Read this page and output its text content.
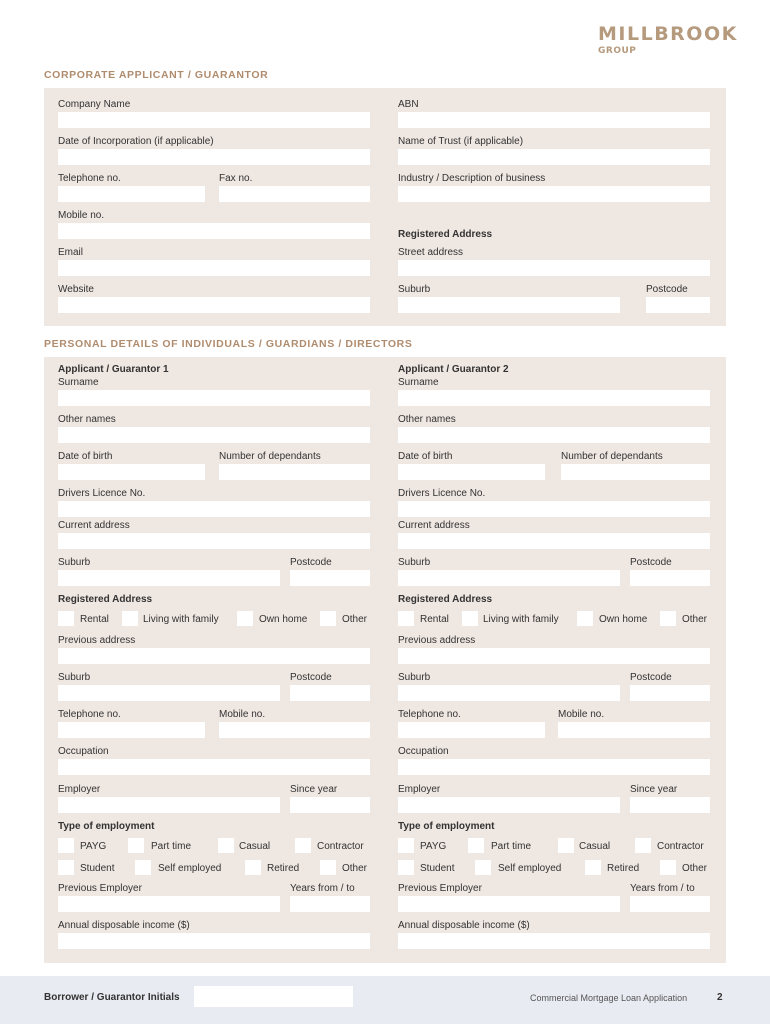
MILLBROOK
GROUP
CORPORATE APPLICANT / GUARANTOR
Company Name
Date of Incorporation (if applicable)
Telephone no.	Fax no.
Mobile no.
Email
Website
ABN
Name of Trust (if applicable)
Industry / Description of business
Registered Address
Street address
Suburb	Postcode
PERSONAL DETAILS OF INDIVIDUALS / GUARDIANS / DIRECTORS
Applicant / Guarantor 1
Surname
Other names
Date of birth	Number of dependants
Drivers Licence No.
Current address
Suburb	Postcode
Registered Address
Rental	Living with family	Own home	Other
Previous address
Suburb	Postcode
Telephone no.	Mobile no.
Occupation
Employer	Since year
Type of employment
PAYG	Part time	Casual	Contractor
Student	Self employed	Retired	Other
Previous Employer	Years from / to
Annual disposable income ($)
Applicant / Guarantor 2
Surname
Other names
Date of birth	Number of dependants
Drivers Licence No.
Current address
Suburb	Postcode
Registered Address
Rental	Living with family	Own home	Other
Previous address
Suburb	Postcode
Telephone no.	Mobile no.
Occupation
Employer	Since year
Type of employment
PAYG	Part time	Casual	Contractor
Student	Self employed	Retired	Other
Previous Employer	Years from / to
Annual disposable income ($)
Borrower / Guarantor Initials	Commercial Mortgage Loan Application	2
